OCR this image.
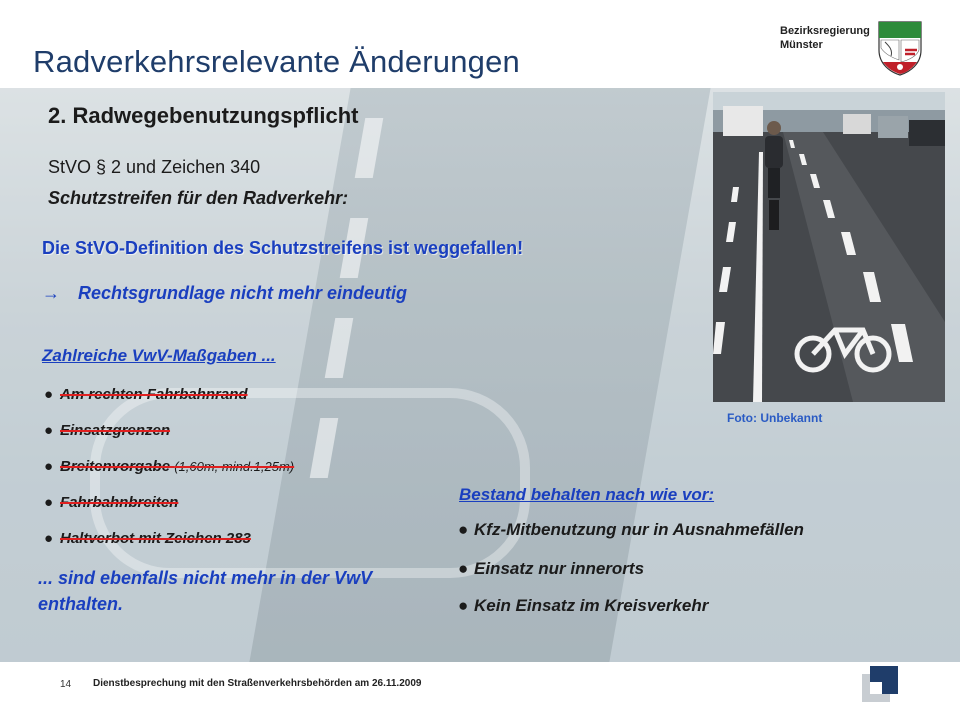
Radverkehrsrelevante Änderungen
Bezirksregierung
Münster
2. Radwegebenutzungspflicht
StVO § 2 und Zeichen 340
Schutzstreifen für den Radverkehr:
Die StVO-Definition des Schutzstreifens ist weggefallen!
→ Rechtsgrundlage nicht mehr eindeutig
Zahlreiche VwV-Maßgaben ...
● Am rechten Fahrbahnrand
● Einsatzgrenzen
● Breitenvorgabe (1,60m, mind.1,25m)
● Fahrbahnbreiten
● Haltverbot mit Zeichen 283
... sind ebenfalls nicht mehr in der VwV enthalten.
Foto: Unbekannt
Bestand behalten nach wie vor:
● Kfz-Mitbenutzung nur in Ausnahmefällen
● Einsatz nur innerorts
● Kein Einsatz im Kreisverkehr
14 Dienstbesprechung mit den Straßenverkehrsbehörden am 26.11.2009
